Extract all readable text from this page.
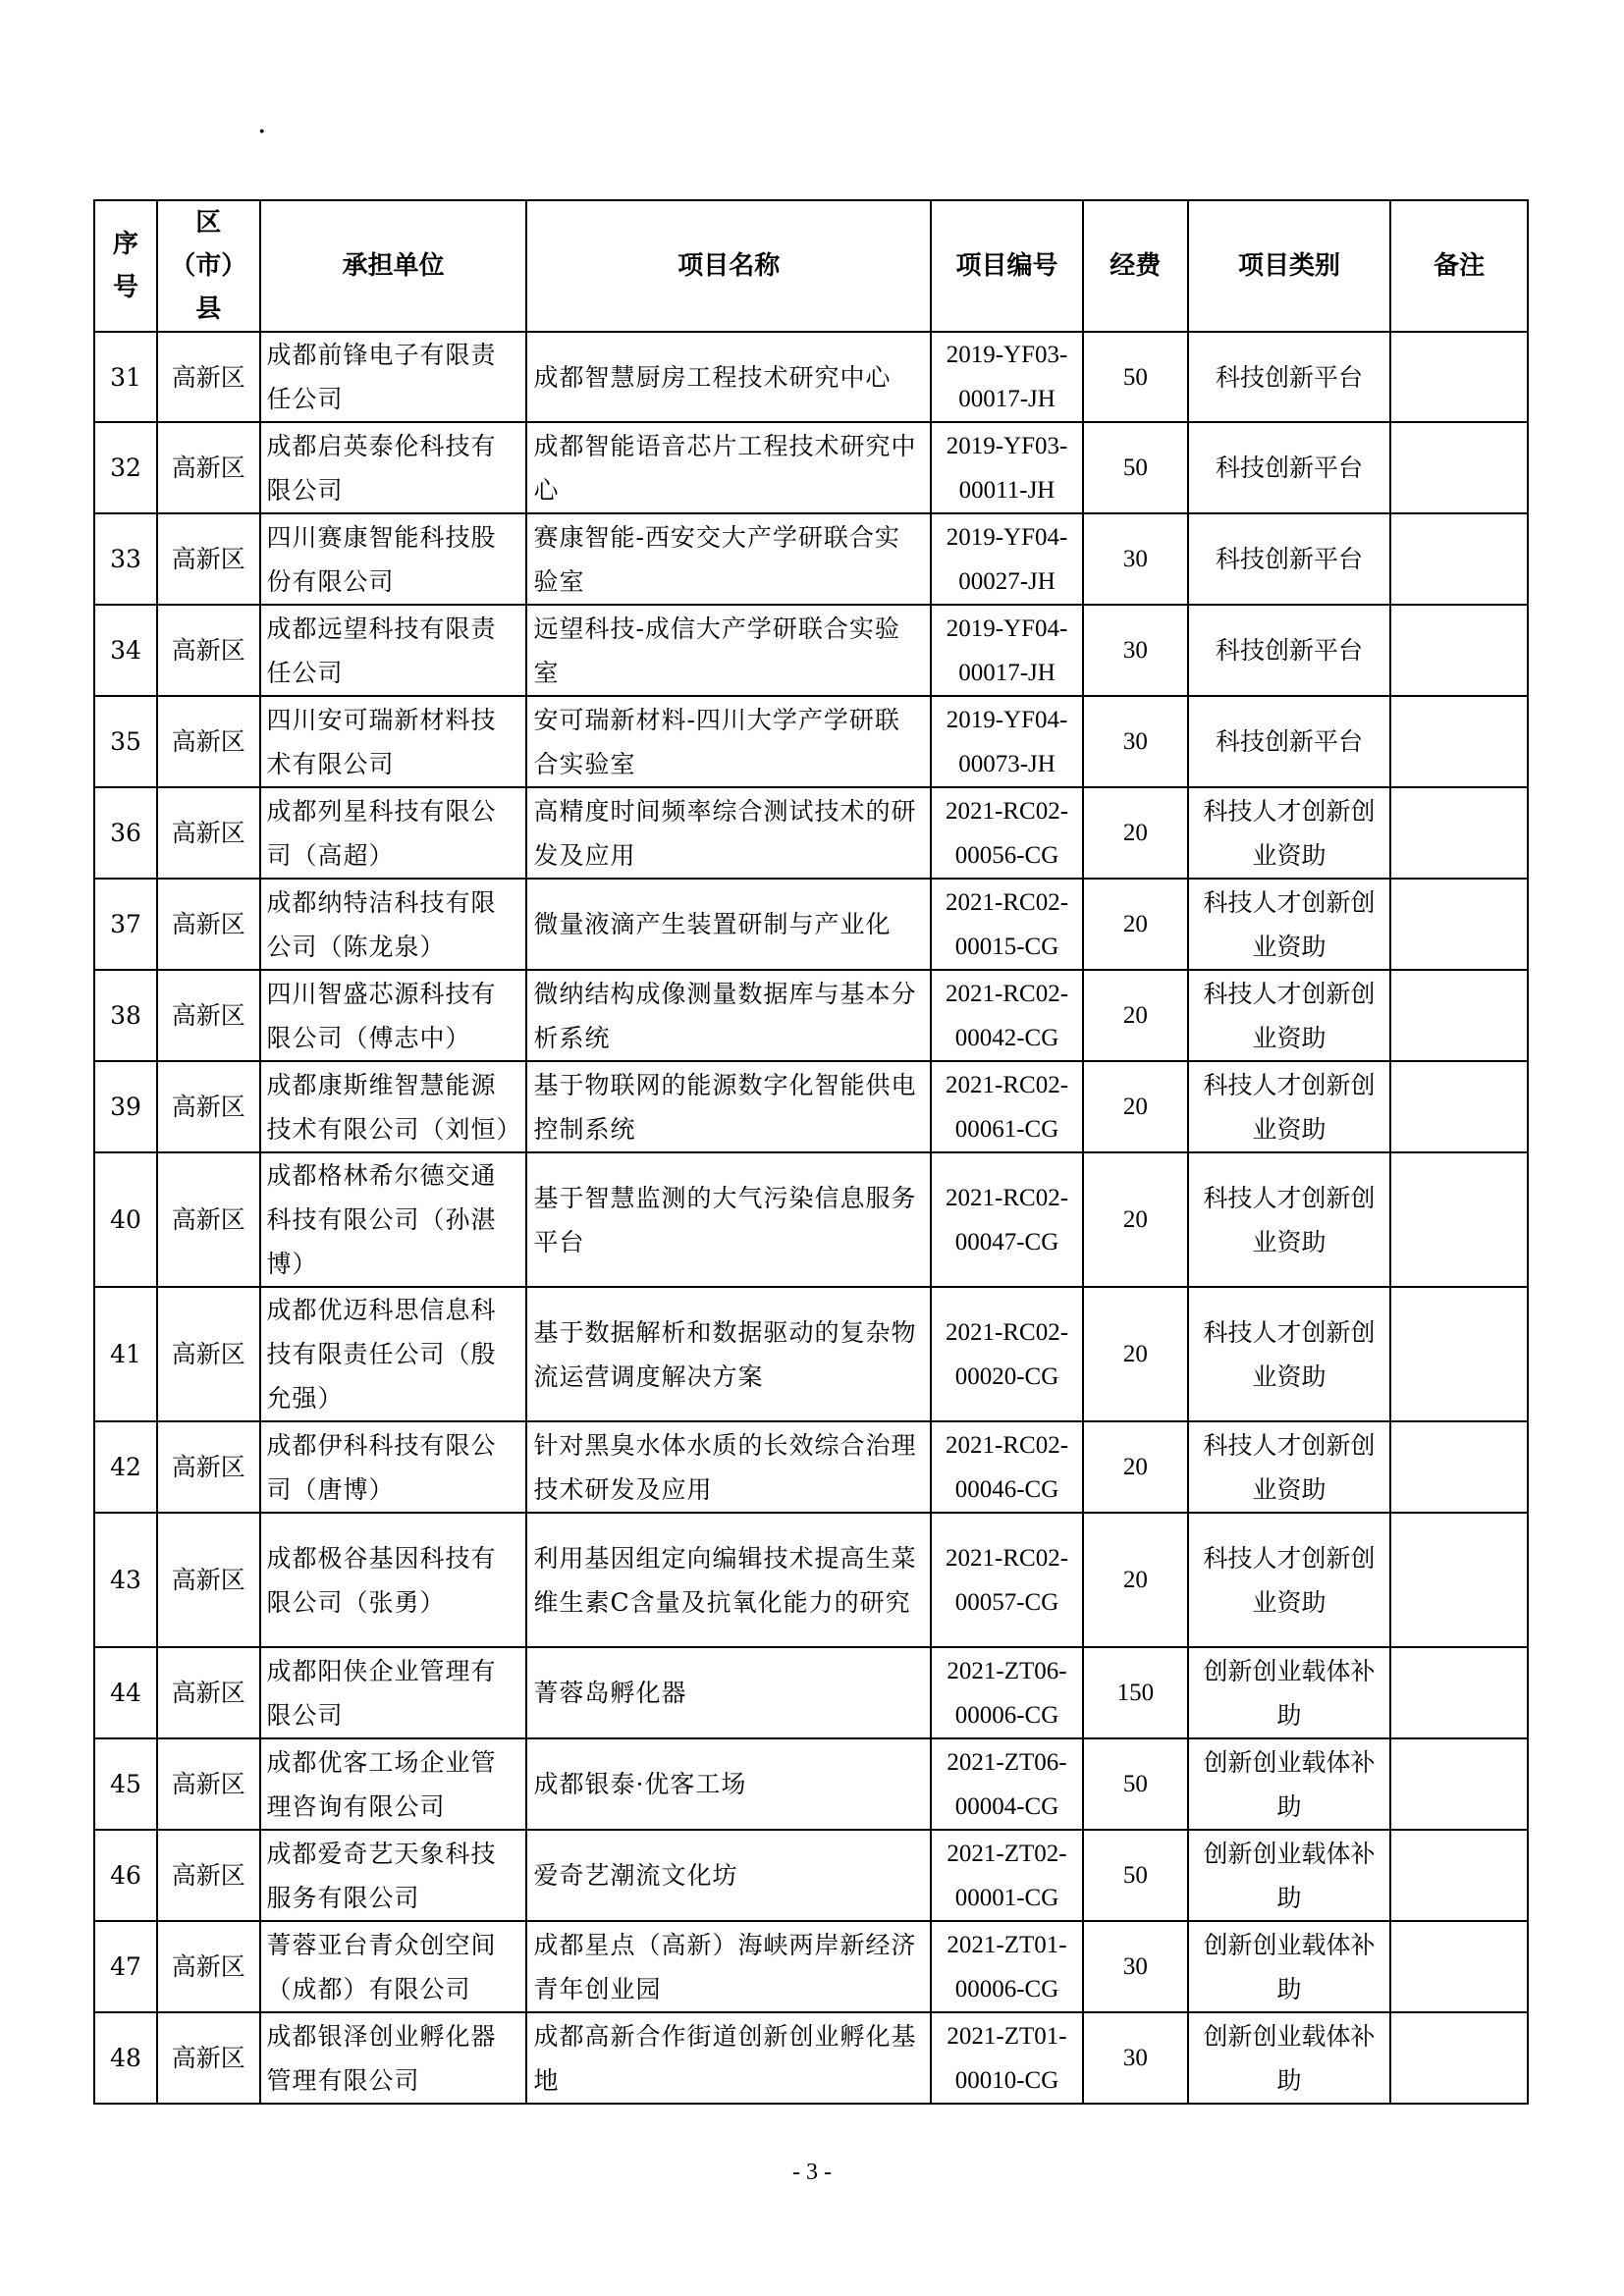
·
序号	区（市）县	承担单位	项目名称	项目编号	经费	项目类别	备注
31	高新区	成都前锋电子有限责任公司	成都智慧厨房工程技术研究中心	2019-YF03-00017-JH	50	科技创新平台	
32	高新区	成都启英泰伦科技有限公司	成都智能语音芯片工程技术研究中心	2019-YF03-00011-JH	50	科技创新平台	
33	高新区	四川赛康智能科技股份有限公司	赛康智能-西安交大产学研联合实验室	2019-YF04-00027-JH	30	科技创新平台	
34	高新区	成都远望科技有限责任公司	远望科技-成信大产学研联合实验室	2019-YF04-00017-JH	30	科技创新平台	
35	高新区	四川安可瑞新材料技术有限公司	安可瑞新材料-四川大学产学研联合实验室	2019-YF04-00073-JH	30	科技创新平台	
36	高新区	成都列星科技有限公司（高超）	高精度时间频率综合测试技术的研发及应用	2021-RC02-00056-CG	20	科技人才创新创业资助	
37	高新区	成都纳特洁科技有限公司（陈龙泉）	微量液滴产生装置研制与产业化	2021-RC02-00015-CG	20	科技人才创新创业资助	
38	高新区	四川智盛芯源科技有限公司（傅志中）	微纳结构成像测量数据库与基本分析系统	2021-RC02-00042-CG	20	科技人才创新创业资助	
39	高新区	成都康斯维智慧能源技术有限公司（刘恒）	基于物联网的能源数字化智能供电控制系统	2021-RC02-00061-CG	20	科技人才创新创业资助	
40	高新区	成都格林希尔德交通科技有限公司（孙湛博）	基于智慧监测的大气污染信息服务平台	2021-RC02-00047-CG	20	科技人才创新创业资助	
41	高新区	成都优迈科思信息科技有限责任公司（殷允强）	基于数据解析和数据驱动的复杂物流运营调度解决方案	2021-RC02-00020-CG	20	科技人才创新创业资助	
42	高新区	成都伊科科技有限公司（唐博）	针对黑臭水体水质的长效综合治理技术研发及应用	2021-RC02-00046-CG	20	科技人才创新创业资助	
43	高新区	成都极谷基因科技有限公司（张勇）	利用基因组定向编辑技术提高生菜维生素C含量及抗氧化能力的研究	2021-RC02-00057-CG	20	科技人才创新创业资助	
44	高新区	成都阳侠企业管理有限公司	菁蓉岛孵化器	2021-ZT06-00006-CG	150	创新创业载体补助	
45	高新区	成都优客工场企业管理咨询有限公司	成都银泰·优客工场	2021-ZT06-00004-CG	50	创新创业载体补助	
46	高新区	成都爱奇艺天象科技服务有限公司	爱奇艺潮流文化坊	2021-ZT02-00001-CG	50	创新创业载体补助	
47	高新区	菁蓉亚台青众创空间（成都）有限公司	成都星点（高新）海峡两岸新经济青年创业园	2021-ZT01-00006-CG	30	创新创业载体补助	
48	高新区	成都银泽创业孵化器管理有限公司	成都高新合作街道创新创业孵化基地	2021-ZT01-00010-CG	30	创新创业载体补助	
- 3 -
